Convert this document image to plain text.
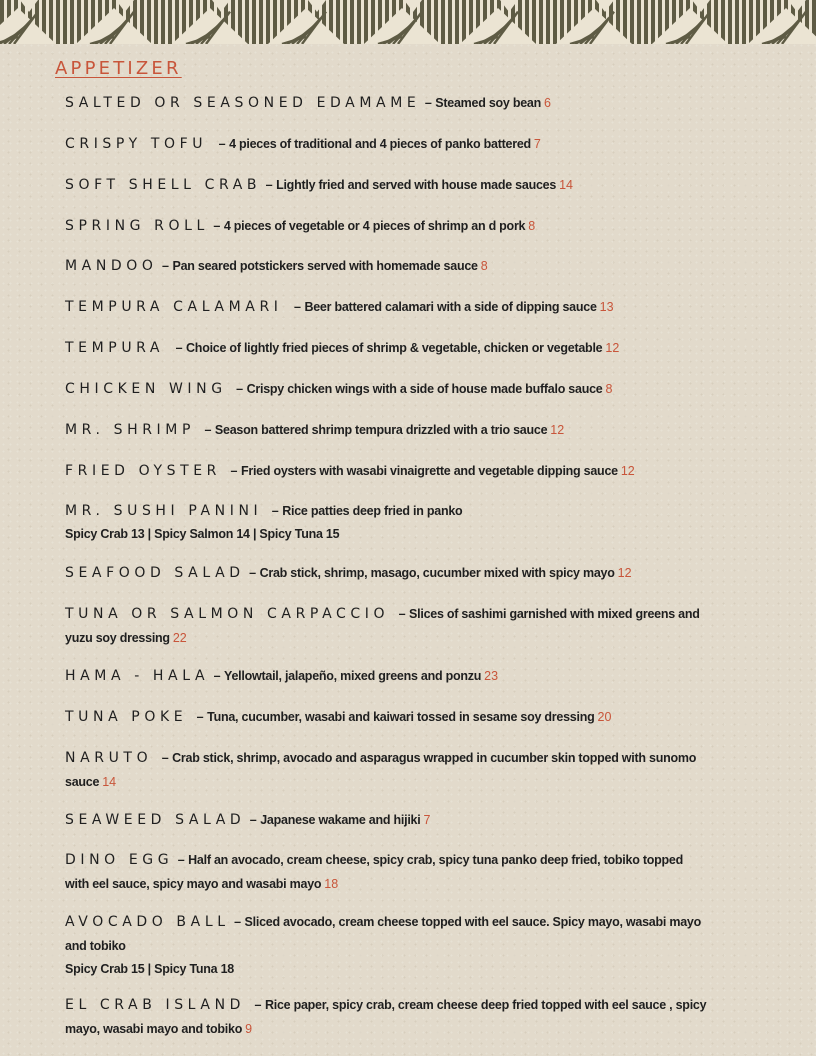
APPETIZER
SALTED OR SEASONED EDAMAME – Steamed soy bean 6
CRISPY TOFU – 4 pieces of traditional and 4 pieces of panko battered 7
SOFT SHELL CRAB – Lightly fried and served with house made sauces 14
SPRING ROLL – 4 pieces of vegetable or 4 pieces of shrimp an d pork 8
MANDOO – Pan seared potstickers served with homemade sauce 8
TEMPURA CALAMARI – Beer battered calamari with a side of dipping sauce 13
TEMPURA – Choice of lightly fried pieces of shrimp & vegetable, chicken or vegetable 12
CHICKEN WING – Crispy chicken wings with a side of house made buffalo sauce 8
MR. SHRIMP – Season battered shrimp tempura drizzled with a trio sauce 12
FRIED OYSTER – Fried oysters with wasabi vinaigrette and vegetable dipping sauce 12
MR. SUSHI PANINI – Rice patties deep fried in panko
Spicy Crab 13 | Spicy Salmon 14 | Spicy Tuna 15
SEAFOOD SALAD – Crab stick, shrimp, masago, cucumber mixed with spicy mayo 12
TUNA OR SALMON CARPACCIO – Slices of sashimi garnished with mixed greens and yuzu soy dressing 22
HAMA - HALA – Yellowtail, jalapeño, mixed greens and ponzu 23
TUNA POKE – Tuna, cucumber, wasabi and kaiwari tossed in sesame soy dressing 20
NARUTO – Crab stick, shrimp, avocado and asparagus wrapped in cucumber skin topped with sunomo sauce 14
SEAWEED SALAD – Japanese wakame and hijiki 7
DINO EGG – Half an avocado, cream cheese, spicy crab, spicy tuna panko deep fried, tobiko topped with eel sauce, spicy mayo and wasabi mayo 18
AVOCADO BALL – Sliced avocado, cream cheese topped with eel sauce. Spicy mayo, wasabi mayo and tobiko
Spicy Crab 15 | Spicy Tuna 18
EL CRAB ISLAND – Rice paper, spicy crab, cream cheese deep fried topped with eel sauce , spicy mayo, wasabi mayo and tobiko 9
